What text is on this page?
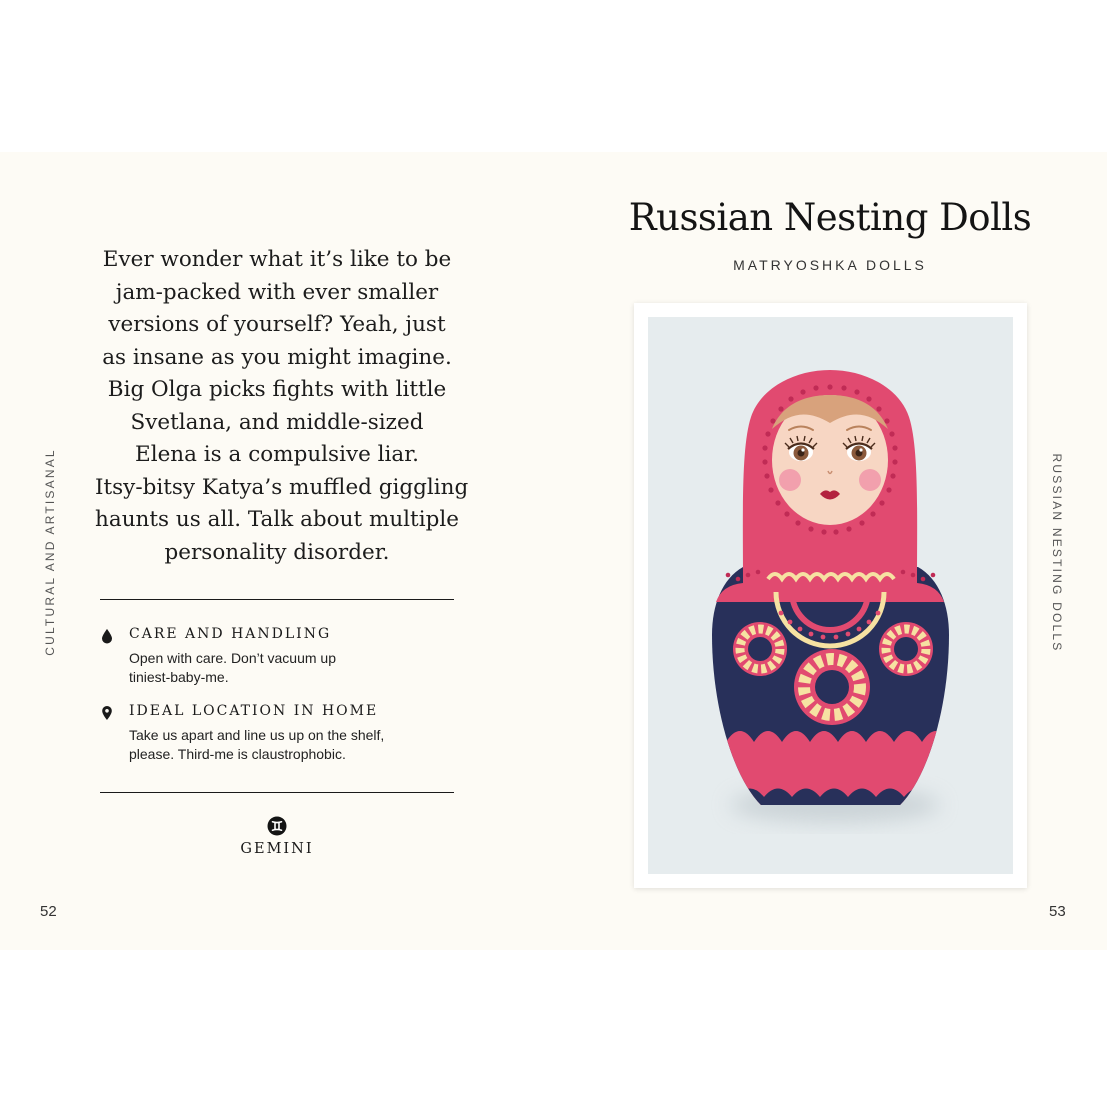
CULTURAL AND ARTISANAL
52
Ever wonder what it’s like to be
jam-packed with ever smaller
versions of yourself? Yeah, just
as insane as you might imagine.
Big Olga picks fights with little
Svetlana, and middle-sized
Elena is a compulsive liar.
Itsy-bitsy Katya’s muffled giggling
haunts us all. Talk about multiple
personality disorder.
CARE AND HANDLING
Open with care. Don’t vacuum up
tiniest-baby-me.
IDEAL LOCATION IN HOME
Take us apart and line us up on the shelf,
please. Third-me is claustrophobic.
GEMINI
Russian Nesting Dolls
MATRYOSHKA DOLLS
RUSSIAN NESTING DOLLS
53
